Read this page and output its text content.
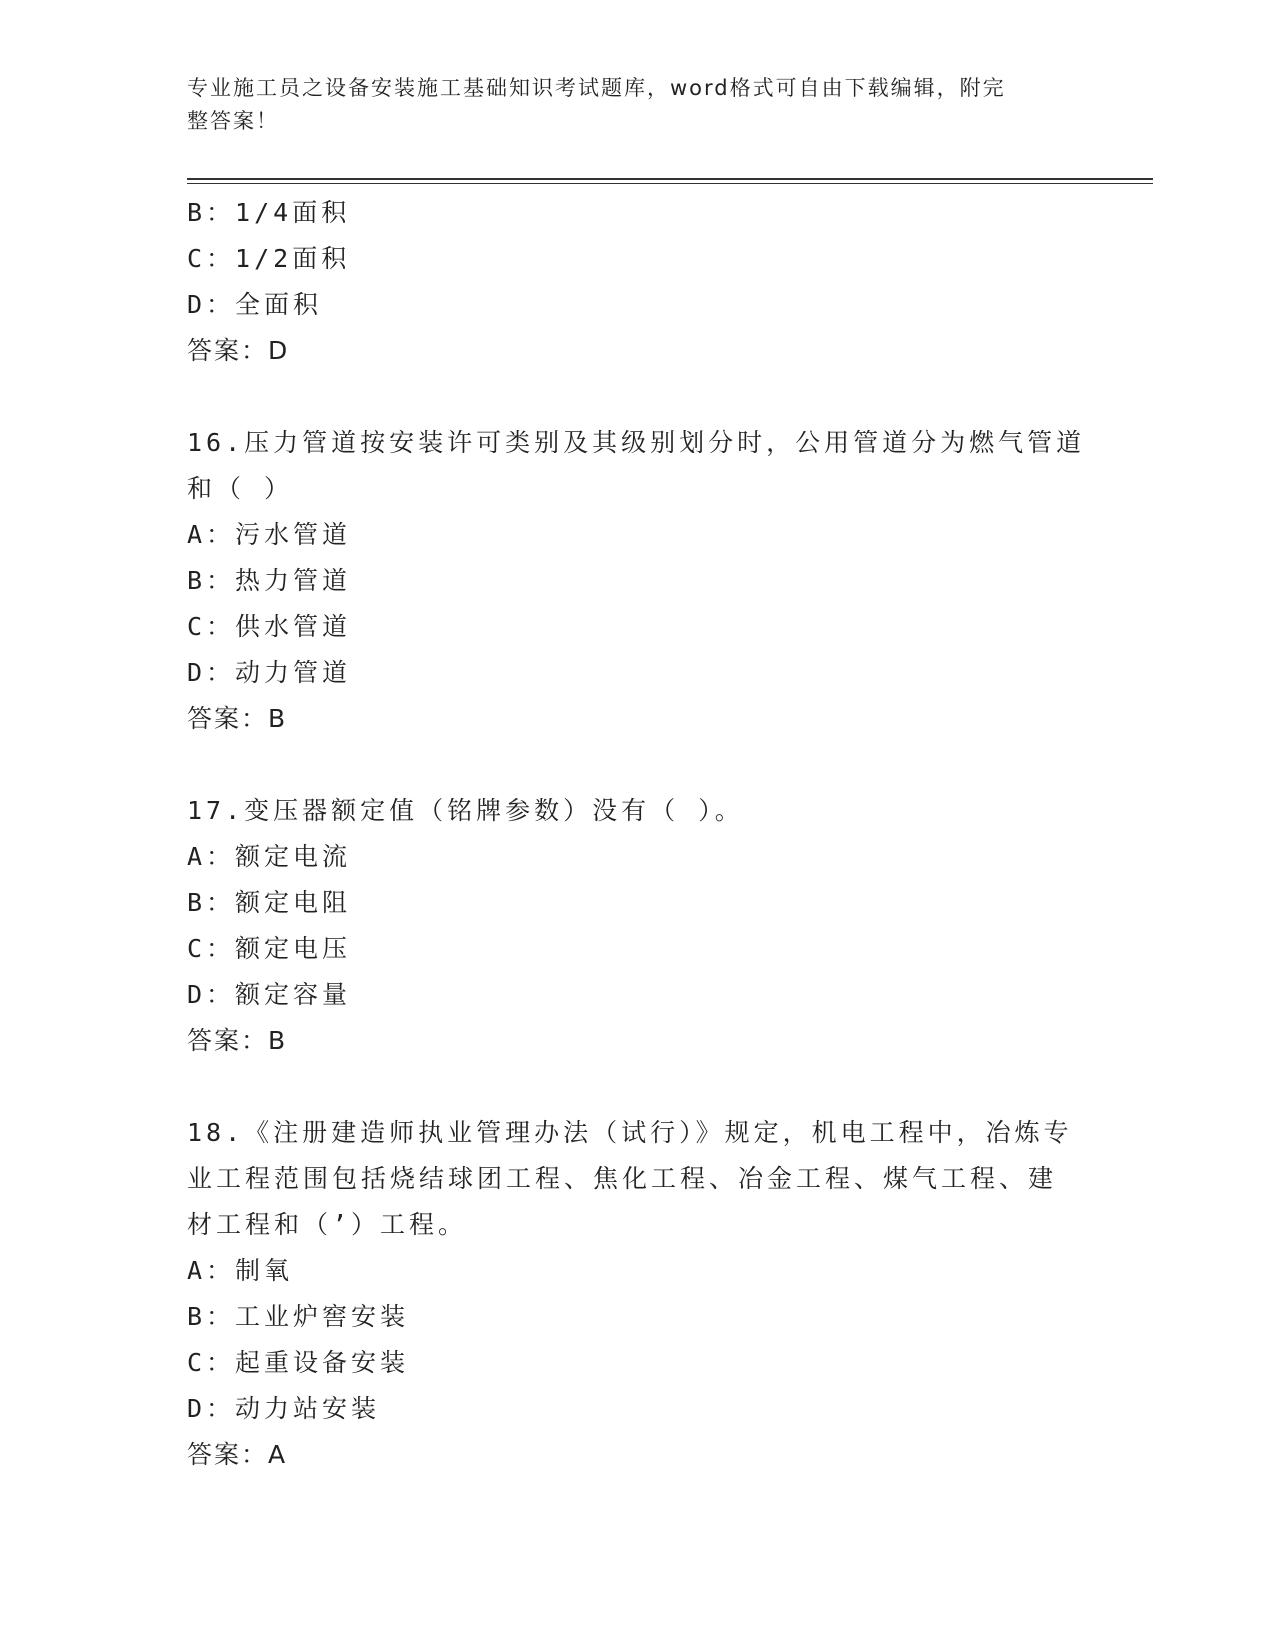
专业施工员之设备安装施工基础知识考试题库，word格式可自由下载编辑，附完
整答案！
B：1/4面积
C：1/2面积
D：全面积
答案：D
16.压力管道按安装许可类别及其级别划分时，公用管道分为燃气管道
和（ ）
A：污水管道
B：热力管道
C：供水管道
D：动力管道
答案：B
17.变压器额定值（铭牌参数）没有（ ）。
A：额定电流
B：额定电阻
C：额定电压
D：额定容量
答案：B
18.《注册建造师执业管理办法（试行）》规定，机电工程中，冶炼专
业工程范围包括烧结球团工程、焦化工程、冶金工程、煤气工程、建
材工程和（’）工程。
A：制氧
B：工业炉窖安装
C：起重设备安装
D：动力站安装
答案：A
